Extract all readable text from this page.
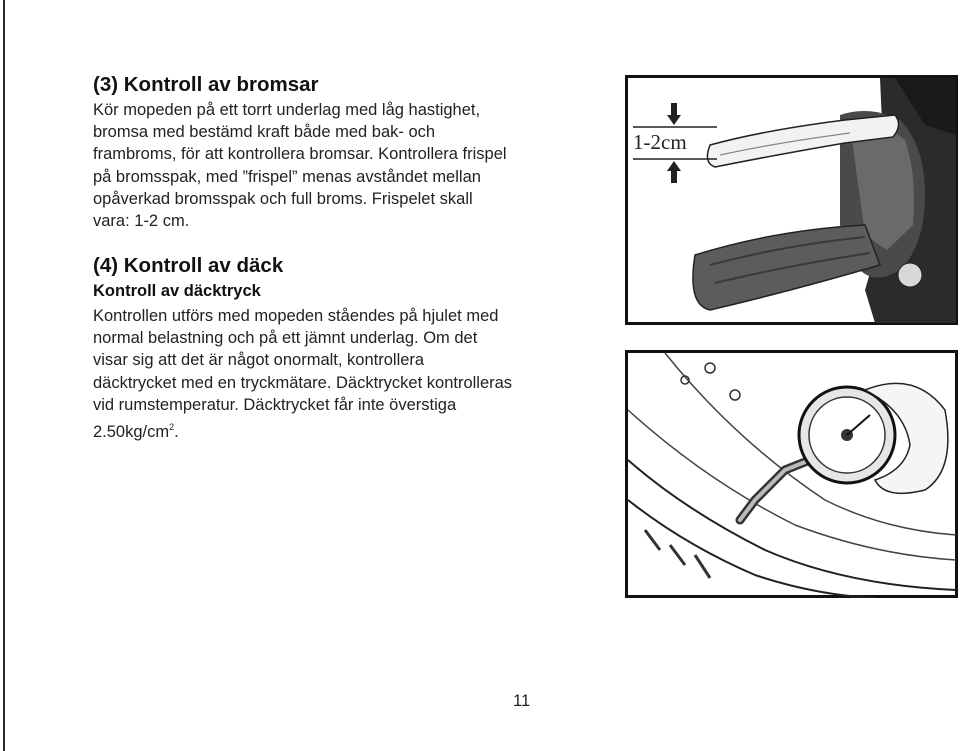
(3) Kontroll av bromsar
Kör mopeden på ett torrt underlag med låg hastighet,
bromsa med bestämd kraft både med bak- och
frambroms, för att kontrollera bromsar. Kontrollera frispel
på bromsspak, med ”frispel” menas avståndet mellan
opåverkad bromsspak och full broms. Frispelet skall
vara: 1-2 cm.
(4) Kontroll av däck
Kontroll av däcktryck
Kontrollen utförs med mopeden ståendes på hjulet med
normal belastning och på ett jämnt underlag. Om det
visar sig att det är något onormalt, kontrollera
däcktrycket med en tryckmätare. Däcktrycket kontrolleras
vid rumstemperatur. Däcktrycket får inte överstiga
$2.50kg/cm^2$.
1-2cm
11
